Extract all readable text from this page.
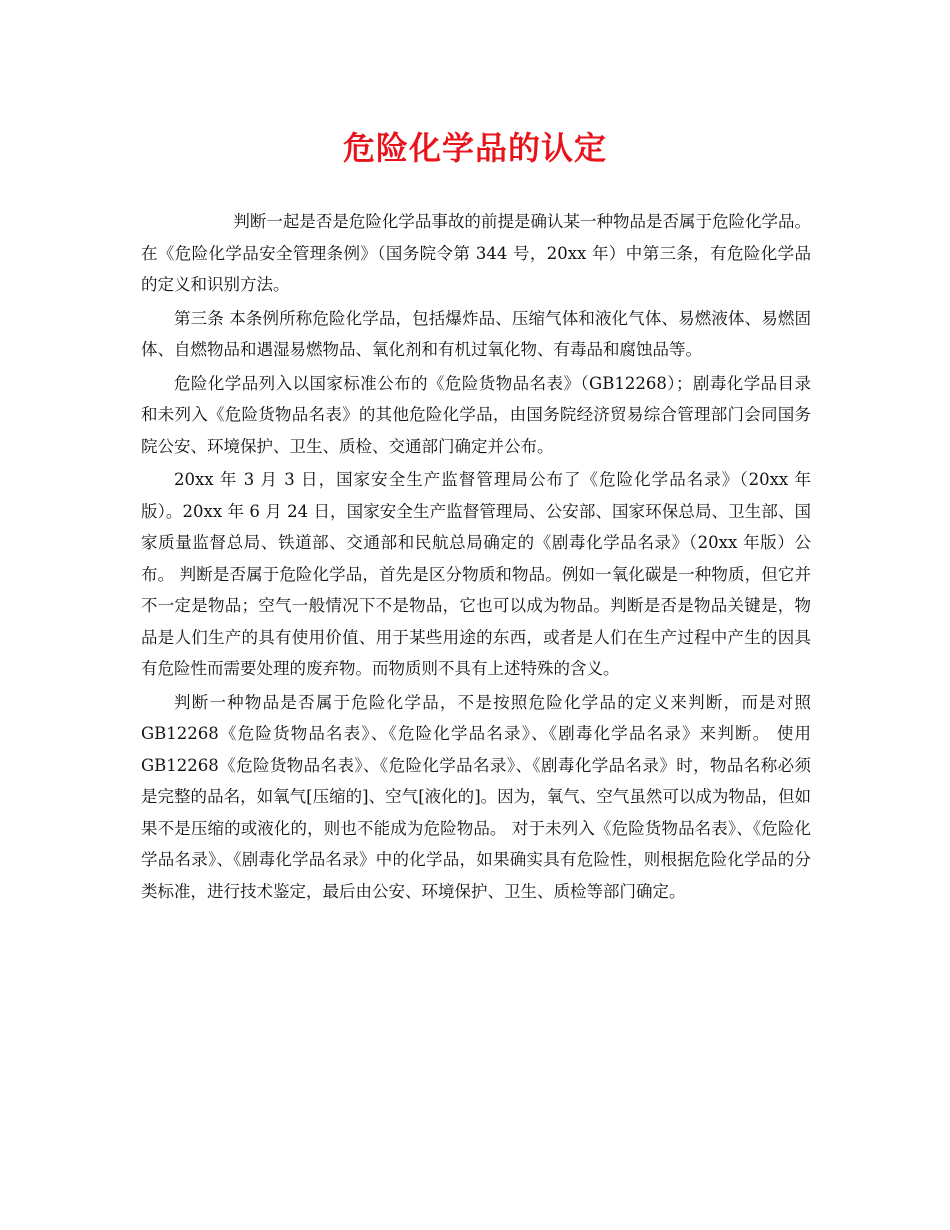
危险化学品的认定

判断一起是否是危险化学品事故的前提是确认某一种物品是否属于危险化学品。在《危险化学品安全管理条例》（国务院令第 344 号，20xx 年）中第三条，有危险化学品的定义和识别方法。

第三条 本条例所称危险化学品，包括爆炸品、压缩气体和液化气体、易燃液体、易燃固体、自燃物品和遇湿易燃物品、氧化剂和有机过氧化物、有毒品和腐蚀品等。

危险化学品列入以国家标准公布的《危险货物品名表》（GB12268）；剧毒化学品目录和未列入《危险货物品名表》的其他危险化学品，由国务院经济贸易综合管理部门会同国务院公安、环境保护、卫生、质检、交通部门确定并公布。

20xx 年 3 月 3 日，国家安全生产监督管理局公布了《危险化学品名录》（20xx 年版）。20xx 年 6 月 24 日，国家安全生产监督管理局、公安部、国家环保总局、卫生部、国家质量监督总局、铁道部、交通部和民航总局确定的《剧毒化学品名录》（20xx 年版）公布。 判断是否属于危险化学品，首先是区分物质和物品。例如一氧化碳是一种物质，但它并不一定是物品；空气一般情况下不是物品，它也可以成为物品。判断是否是物品关键是，物品是人们生产的具有使用价值、用于某些用途的东西，或者是人们在生产过程中产生的因具有危险性而需要处理的废弃物。而物质则不具有上述特殊的含义。

判断一种物品是否属于危险化学品，不是按照危险化学品的定义来判断，而是对照 GB12268《危险货物品名表》、《危险化学品名录》、《剧毒化学品名录》来判断。 使用 GB12268《危险货物品名表》、《危险化学品名录》、《剧毒化学品名录》时，物品名称必须是完整的品名，如氧气[压缩的]、空气[液化的]。因为，氧气、空气虽然可以成为物品，但如果不是压缩的或液化的，则也不能成为危险物品。 对于未列入《危险货物品名表》、《危险化学品名录》、《剧毒化学品名录》中的化学品，如果确实具有危险性，则根据危险化学品的分类标准，进行技术鉴定，最后由公安、环境保护、卫生、质检等部门确定。
